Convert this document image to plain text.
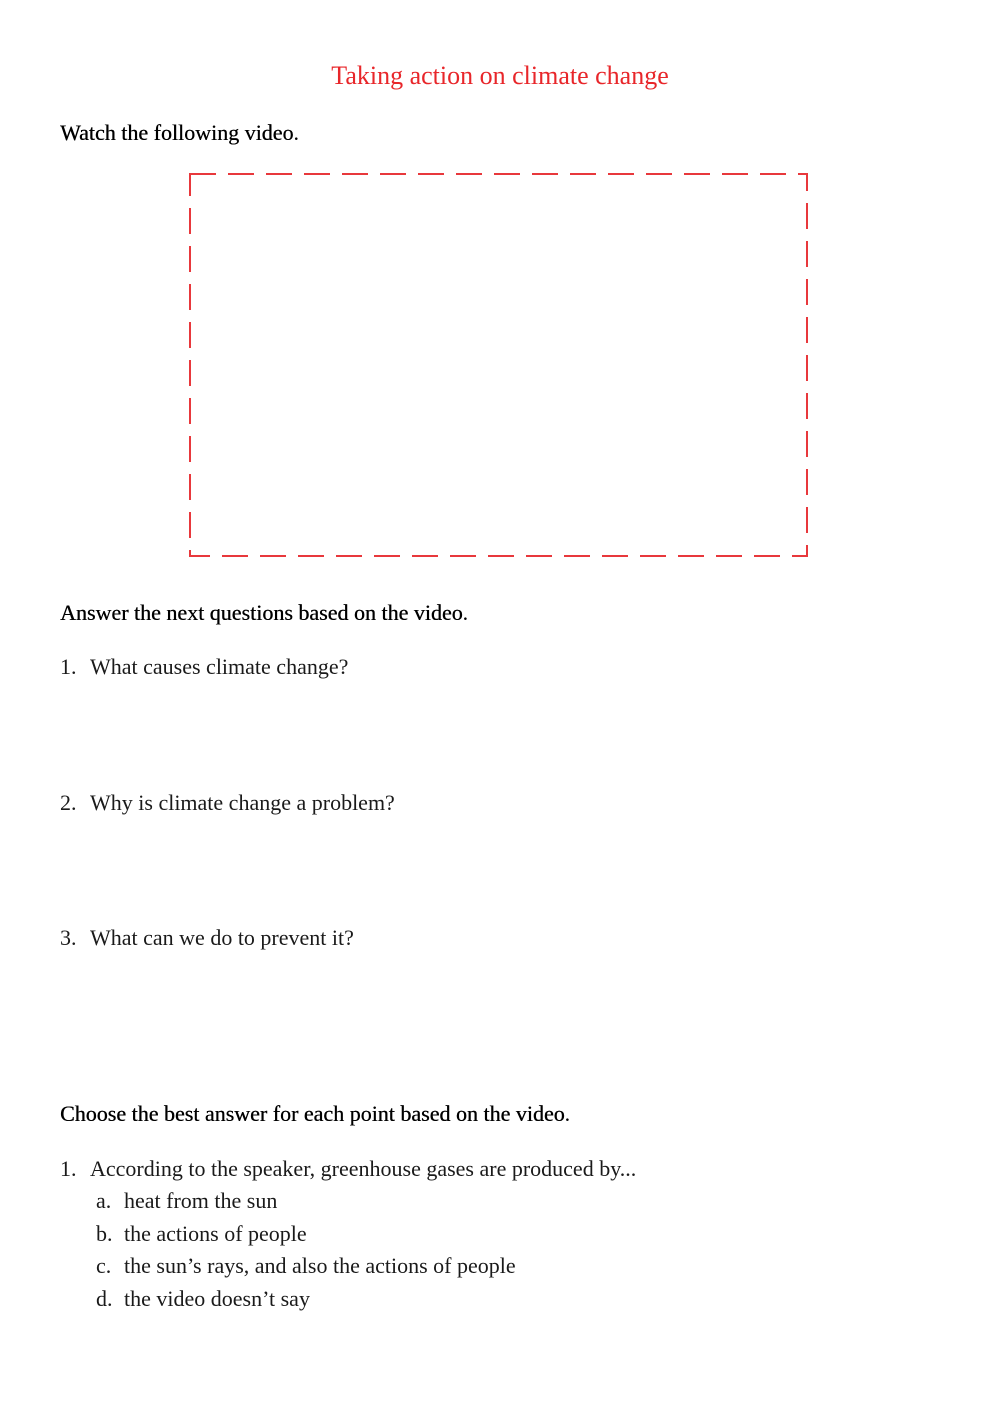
Taking action on climate change
Watch the following video.
Answer the next questions based on the video.
1. What causes climate change?
2. Why is climate change a problem?
3. What can we do to prevent it?
Choose the best answer for each point based on the video.
1. According to the speaker, greenhouse gases are produced by...
a. heat from the sun
b. the actions of people
c. the sun’s rays, and also the actions of people
d. the video doesn’t say
